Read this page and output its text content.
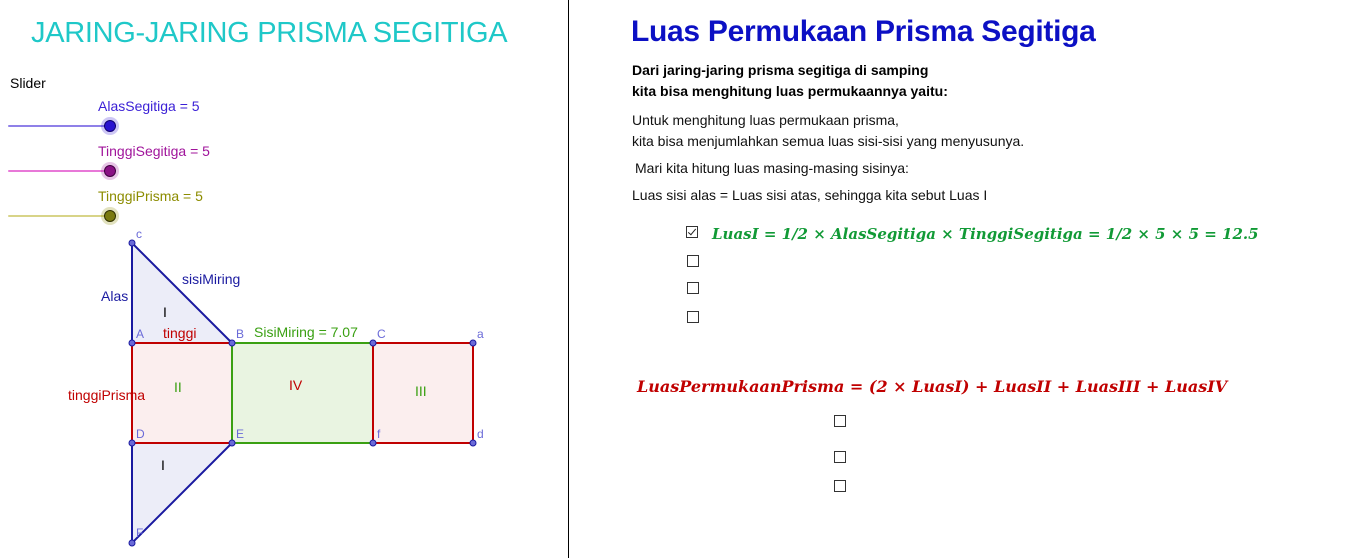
JARING-JARING PRISMA SEGITIGA
Slider
AlasSegitiga = 5
TinggiSegitiga = 5
TinggiPrisma = 5
c
A	B	C	a
D	E	f	d
F
Alas
sisiMiring
tinggi	SisiMiring = 7.07
tinggiPrisma
I
I
II	IV	III
Luas Permukaan Prisma Segitiga
Dari jaring-jaring prisma segitiga di samping
kita bisa menghitung luas permukaannya yaitu:
Untuk menghitung luas permukaan prisma,
kita bisa menjumlahkan semua luas sisi-sisi yang menyusunya.
Mari kita hitung luas masing-masing sisinya:
Luas sisi alas = Luas sisi atas, sehingga kita sebut Luas I
LuasI = 1/2 × AlasSegitiga × TinggiSegitiga = 1/2 × 5 × 5 = 12.5
LuasPermukaanPrisma = (2 × LuasI) + LuasII + LuasIII + LuasIV
